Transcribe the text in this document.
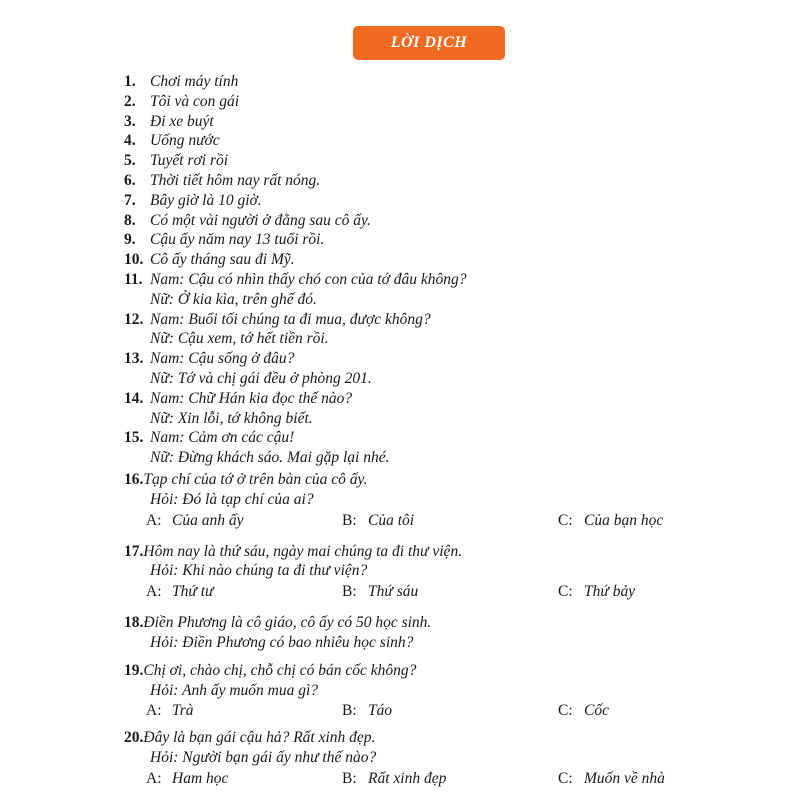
LỜI DỊCH
1. Chơi máy tính
2. Tôi và con gái
3. Đi xe buýt
4. Uống nước
5. Tuyết rơi rồi
6. Thời tiết hôm nay rất nóng.
7. Bây giờ là 10 giờ.
8. Có một vài người ở đằng sau cô ấy.
9. Cậu ấy năm nay 13 tuổi rồi.
10. Cô ấy tháng sau đi Mỹ.
11. Nam: Cậu có nhìn thấy chó con của tớ đâu không?
Nữ: Ở kia kìa, trên ghế đó.
12. Nam: Buổi tối chúng ta đi mua, được không?
Nữ: Cậu xem, tớ hết tiền rồi.
13. Nam: Cậu sống ở đâu?
Nữ: Tớ và chị gái đều ở phòng 201.
14. Nam: Chữ Hán kia đọc thế nào?
Nữ: Xin lỗi, tớ không biết.
15. Nam: Cảm ơn các cậu!
Nữ: Đừng khách sáo. Mai gặp lại nhé.
16.Tạp chí của tớ ở trên bàn của cô ấy.
Hỏi: Đó là tạp chí của ai?
A: Của anh ấy	B: Của tôi	C: Của bạn học
17.Hôm nay là thứ sáu, ngày mai chúng ta đi thư viện.
Hỏi: Khi nào chúng ta đi thư viện?
A: Thứ tư	B: Thứ sáu	C: Thứ bảy
18.Điền Phương là cô giáo, cô ấy có 50 học sinh.
Hỏi: Điền Phương có bao nhiêu học sinh?
19.Chị ơi, chào chị, chỗ chị có bán cốc không?
Hỏi: Anh ấy muốn mua gì?
A: Trà	B: Táo	C: Cốc
20.Đây là bạn gái cậu hả? Rất xinh đẹp.
Hỏi: Người bạn gái ấy như thế nào?
A: Ham học	B: Rất xinh đẹp	C: Muốn về nhà
